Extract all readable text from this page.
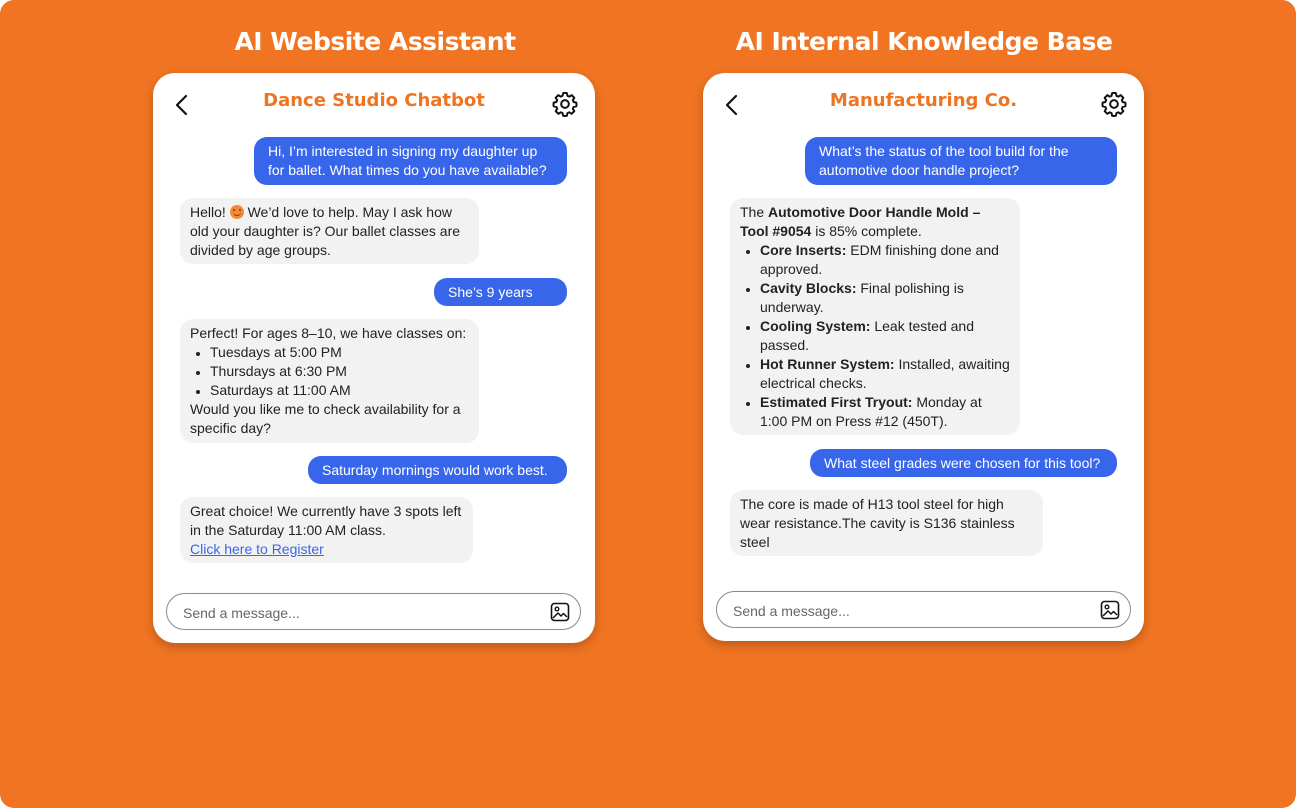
AI Website Assistant
Dance Studio Chatbot
Hi, I’m interested in signing my daughter up for ballet. What times do you have available?
Hello!
We’d love to help. May I ask how old your daughter is? Our ballet classes are divided by age groups.
She’s 9 years old.
Perfect! For ages 8–10, we have classes on:
• Tuesdays at 5:00 PM
• Thursdays at 6:30 PM
• Saturdays at 11:00 AM
Would you like me to check availability for a specific day?
Saturday mornings would work best.
Great choice! We currently have 3 spots left in the Saturday 11:00 AM class.
Click here to Register
Send a message...
AI Internal Knowledge Base
Manufacturing Co.
What’s the status of the tool build for the automotive door handle project?
The Automotive Door Handle Mold – Tool #9054 is 85% complete.
• Core Inserts: EDM finishing done and approved.
• Cavity Blocks: Final polishing is underway.
• Cooling System: Leak tested and passed.
• Hot Runner System: Installed, awaiting electrical checks.
• Estimated First Tryout: Monday at 1:00 PM on Press #12 (450T).
What steel grades were chosen for this tool?
The core is made of H13 tool steel for high wear resistance.The cavity is S136 stainless steel
Send a message...
